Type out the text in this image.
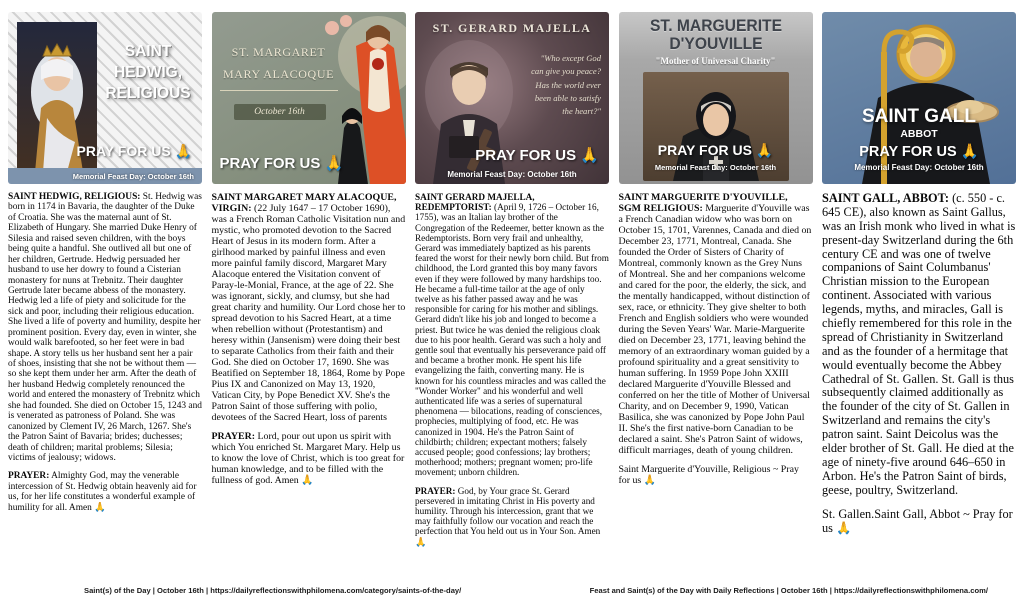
SAINT HEDWIG,
RELIGIOUS
PRAY FOR US 🙏
Memorial Feast Day: October 16th

SAINT HEDWIG, RELIGIOUS: St. Hedwig was born in 1174 in Bavaria, the daughter of the Duke of Croatia. She was the maternal aunt of St. Elizabeth of Hungary. She married Duke Henry of Silesia and raised seven children, with the boys being quite a handful. She outlived all but one of her children, Gertrude. Hedwig persuaded her husband to use her dowry to found a Cisterian monastery for nuns at Trebnitz. Their daughter Gertrude later became abbess of the monastery. Hedwig led a life of piety and solicitude for the sick and poor, including their religious education. She lived a life of poverty and humility, despite her prominent position. Every day, even in winter, she would walk barefooted, so her feet were in bad shape. A story tells us her husband sent her a pair of shoes, insisting that she not be without them — so she kept them under her arm. After the death of her husband Hedwig completely renounced the world and entered the monastery of Trebnitz which she had founded. She died on October 15, 1243 and is venerated as patroness of Poland. She was canonized by Clement IV, 26 March, 1267. She's the Patron Saint of Bavaria; brides; duchesses; death of children; marital problems; Silesia; victims of jealousy; widows.

PRAYER: Almighty God, may the venerable intercession of St. Hedwig obtain heavenly aid for us, for her life constitutes a wonderful example of humility for all. Amen 🙏

ST. MARGARET
MARY ALACOQUE
October 16th
PRAY FOR US 🙏

SAINT MARGARET MARY ALACOQUE, VIRGIN: (22 July 1647 – 17 October 1690), was a French Roman Catholic Visitation nun and mystic, who promoted devotion to the Sacred Heart of Jesus in its modern form. After a girlhood marked by painful illness and even more painful family discord, Margaret Mary Alacoque entered the Visitation convent of Paray-le-Monial, France, at the age of 22. She was ignorant, sickly, and clumsy, but she had great charity and humility. Our Lord chose her to spread devotion to his Sacred Heart, at a time when rebellion without (Protestantism) and heresy within (Jansenism) were doing their best to separate Catholics from their faith and their God. She died on October 17, 1690. She was Beatified on September 18, 1864, Rome by Pope Pius IX and Canonized on May 13, 1920, Vatican City, by Pope Benedict XV. She's the Patron Saint of those suffering with polio, devotees of the Sacred Heart, loss of parents

PRAYER: Lord, pour out upon us spirit with which You enriched St. Margaret Mary. Help us to know the love of Christ, which is too great for human knowledge, and to be filled with the fullness of god. Amen 🙏

ST. GERARD MAJELLA
"Who except God
can give you peace?
Has the world ever
been able to satisfy
the heart?"
PRAY FOR US 🙏
Memorial Feast Day: October 16th

SAINT GERARD MAJELLA, REDEMPTORIST: (April 9, 1726 – October 16, 1755), was an Italian lay brother of the Congregation of the Redeemer, better known as the Redemptorists. Born very frail and unhealthy, Gerard was immediately baptized as his parents feared the worst for their newly born child. But from childhood, the Lord granted this boy many favors even if they were followed by many hardships too. He became a full-time tailor at the age of only twelve as his father passed away and he was responsible for caring for his mother and siblings. Gerard didn't like his job and longed to become a priest. But twice he was denied the religious cloak due to his poor health. Gerard was such a holy and gentle soul that eventually his perseverance paid off and became a brother monk. He spent his life evangelizing the faith, converting many. He is known for his countless miracles and was called the "Wonder Worker" and his wonderful and well authenticated life was a series of supernatural phenomena — bilocations, reading of consciences, prophecies, multiplying of food, etc. He was canonized in 1904. He's the Patron Saint of childbirth; children; expectant mothers; falsely accused people; good confessions; lay brothers; motherhood; mothers; pregnant women; pro-life movement; unborn children.

PRAYER: God, by Your grace St. Gerard persevered in imitating Christ in His poverty and humility. Through his intercession, grant that we may faithfully follow our vocation and reach the perfection that You held out us in Your Son. Amen 🙏

ST. MARGUERITE
D'YOUVILLE
"Mother of Universal Charity"
PRAY FOR US 🙏
Memorial Feast Day: October 16th

SAINT MARGUERITE D'YOUVILLE, SGM RELIGIOUS: Marguerite d'Youville was a French Canadian widow who was born on October 15, 1701, Varennes, Canada and died on December 23, 1771, Montreal, Canada. She founded the Order of Sisters of Charity of Montreal, commonly known as the Grey Nuns of Montreal. She and her companions welcome and cared for the poor, the elderly, the sick, and the mentally handicapped, without distinction of sex, race, or ethnicity. They give shelter to both French and English soldiers who were wounded during the Seven Years' War. Marie-Marguerite died on December 23, 1771, leaving behind the memory of an extraordinary woman guided by a profound spirituality and a great sensitivity to human suffering. In 1959 Pope John XXIII declared Marguerite d'Youville Blessed and conferred on her the title of Mother of Universal Charity, and on December 9, 1990, Vatican Basilica, she was canonized by Pope John Paul II. She's the first native-born Canadian to be declared a saint. She's Patron Saint of widows, difficult marriages, death of young children.

Saint Marguerite d'Youville, Religious ~ Pray for us 🙏

SAINT GALL
ABBOT
PRAY FOR US 🙏
Memorial Feast Day: October 16th

SAINT GALL, ABBOT: (c. 550 - c. 645 CE), also known as Saint Gallus, was an Irish monk who lived in what is present-day Switzerland during the 6th century CE and was one of twelve companions of Saint Columbanus' Christian mission to the European continent. Associated with various legends, myths, and miracles, Gall is chiefly remembered for this role in the spread of Christianity in Switzerland and as the founder of a hermitage that would eventually become the Abbey Cathedral of St. Gallen. St. Gall is thus subsequently claimed additionally as the founder of the city of St. Gallen in Switzerland and remains the city's patron saint. Saint Deicolus was the elder brother of St. Gall. He died at the age of ninety-five around 646–650 in Arbon. He's the Patron Saint of birds, geese, poultry, Switzerland.

St. Gallen.Saint Gall, Abbot ~ Pray for us 🙏

Saint(s) of the Day | October 16th | https://dailyreflectionswithphilomena.com/category/saints-of-the-day/	Feast and Saint(s) of the Day with Daily Reflections | October 16th | https://dailyreflectionswithphilomena.com/
